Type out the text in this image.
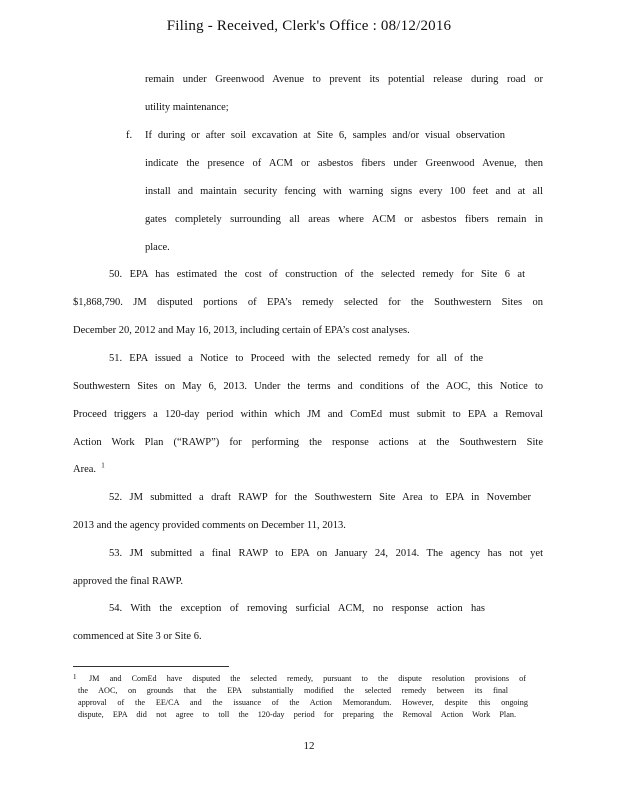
Filing - Received, Clerk's Office : 08/12/2016
remain under Greenwood Avenue to prevent its potential release during road or
utility maintenance;
f. If during or after soil excavation at Site 6, samples and/or visual observation
indicate the presence of ACM or asbestos fibers under Greenwood Avenue, then
install and maintain security fencing with warning signs every 100 feet and at all
gates completely surrounding all areas where ACM or asbestos fibers remain in
place.
50. EPA has estimated the cost of construction of the selected remedy for Site 6 at
$1,868,790. JM disputed portions of EPA’s remedy selected for the Southwestern Sites on
December 20, 2012 and May 16, 2013, including certain of EPA’s cost analyses.
51. EPA issued a Notice to Proceed with the selected remedy for all of the
Southwestern Sites on May 6, 2013. Under the terms and conditions of the AOC, this Notice to
Proceed triggers a 120-day period within which JM and ComEd must submit to EPA a Removal
Action Work Plan (“RAWP”) for performing the response actions at the Southwestern Site
Area. $^1$
52. JM submitted a draft RAWP for the Southwestern Site Area to EPA in November
2013 and the agency provided comments on December 11, 2013.
53. JM submitted a final RAWP to EPA on January 24, 2014. The agency has not yet
approved the final RAWP.
54. With the exception of removing surficial ACM, no response action has
commenced at Site 3 or Site 6.
1 JM and ComEd have disputed the selected remedy, pursuant to the dispute resolution provisions of
the AOC, on grounds that the EPA substantially modified the selected remedy between its final
approval of the EE/CA and the issuance of the Action Memorandum. However, despite this ongoing
dispute, EPA did not agree to toll the 120-day period for preparing the Removal Action Work Plan.
12
